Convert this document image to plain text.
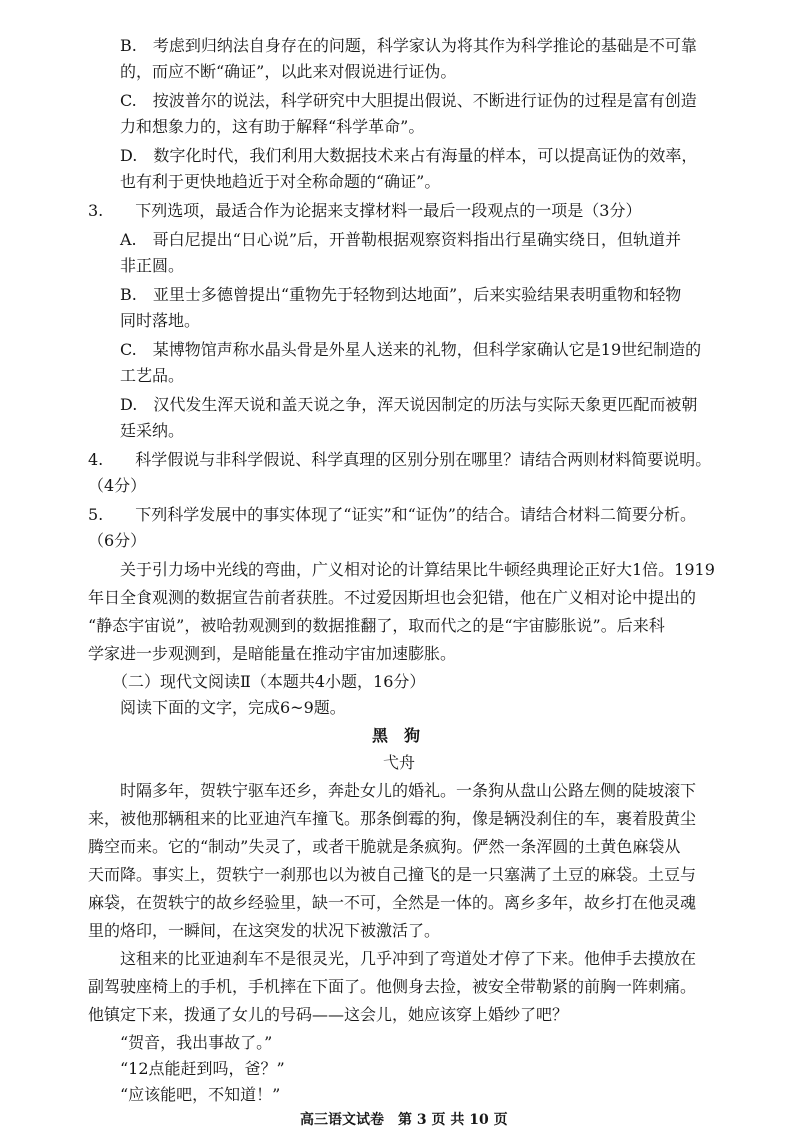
B.　考虑到归纳法自身存在的问题，科学家认为将其作为科学推论的基础是不可靠
的，而应不断“确证”，以此来对假说进行证伪。
C.　按波普尔的说法，科学研究中大胆提出假说、不断进行证伪的过程是富有创造
力和想象力的，这有助于解释“科学革命”。
D.　数字化时代，我们利用大数据技术来占有海量的样本，可以提高证伪的效率，
也有利于更快地趋近于对全称命题的“确证”。
3.　　下列选项，最适合作为论据来支撑材料一最后一段观点的一项是（3分）
A.　哥白尼提出“日心说”后，开普勒根据观察资料指出行星确实绕日，但轨道并
非正圆。
B.　亚里士多德曾提出“重物先于轻物到达地面”，后来实验结果表明重物和轻物
同时落地。
C.　某博物馆声称水晶头骨是外星人送来的礼物，但科学家确认它是19世纪制造的
工艺品。
D.　汉代发生浑天说和盖天说之争，浑天说因制定的历法与实际天象更匹配而被朝
廷采纳。
4.　　科学假说与非科学假说、科学真理的区别分别在哪里？请结合两则材料简要说明。
（4分）
5.　　下列科学发展中的事实体现了“证实”和“证伪”的结合。请结合材料二简要分析。
（6分）
关于引力场中光线的弯曲，广义相对论的计算结果比牛顿经典理论正好大1倍。1919
年日全食观测的数据宣告前者获胜。不过爱因斯坦也会犯错，他在广义相对论中提出的
“静态宇宙说”，被哈勃观测到的数据推翻了，取而代之的是“宇宙膨胀说”。后来科
学家进一步观测到，是暗能量在推动宇宙加速膨胀。
（二）现代文阅读Ⅱ（本题共4小题，16分）
阅读下面的文字，完成6~9题。
黑　狗
弋舟
时隔多年，贺轶宁驱车还乡，奔赴女儿的婚礼。一条狗从盘山公路左侧的陡坡滚下
来，被他那辆租来的比亚迪汽车撞飞。那条倒霉的狗，像是辆没刹住的车，裹着股黄尘
腾空而来。它的“制动”失灵了，或者干脆就是条疯狗。俨然一条浑圆的土黄色麻袋从
天而降。事实上，贺轶宁一刹那也以为被自己撞飞的是一只塞满了土豆的麻袋。土豆与
麻袋，在贺轶宁的故乡经验里，缺一不可，全然是一体的。离乡多年，故乡打在他灵魂
里的烙印，一瞬间，在这突发的状况下被激活了。
这租来的比亚迪刹车不是很灵光，几乎冲到了弯道处才停了下来。他伸手去摸放在
副驾驶座椅上的手机，手机摔在下面了。他侧身去捡，被安全带勒紧的前胸一阵刺痛。
他镇定下来，拨通了女儿的号码——这会儿，她应该穿上婚纱了吧？
“贺音，我出事故了。”
“12点能赶到吗，爸？”
“应该能吧，不知道！”
高三语文试卷　第 3 页 共 10 页
